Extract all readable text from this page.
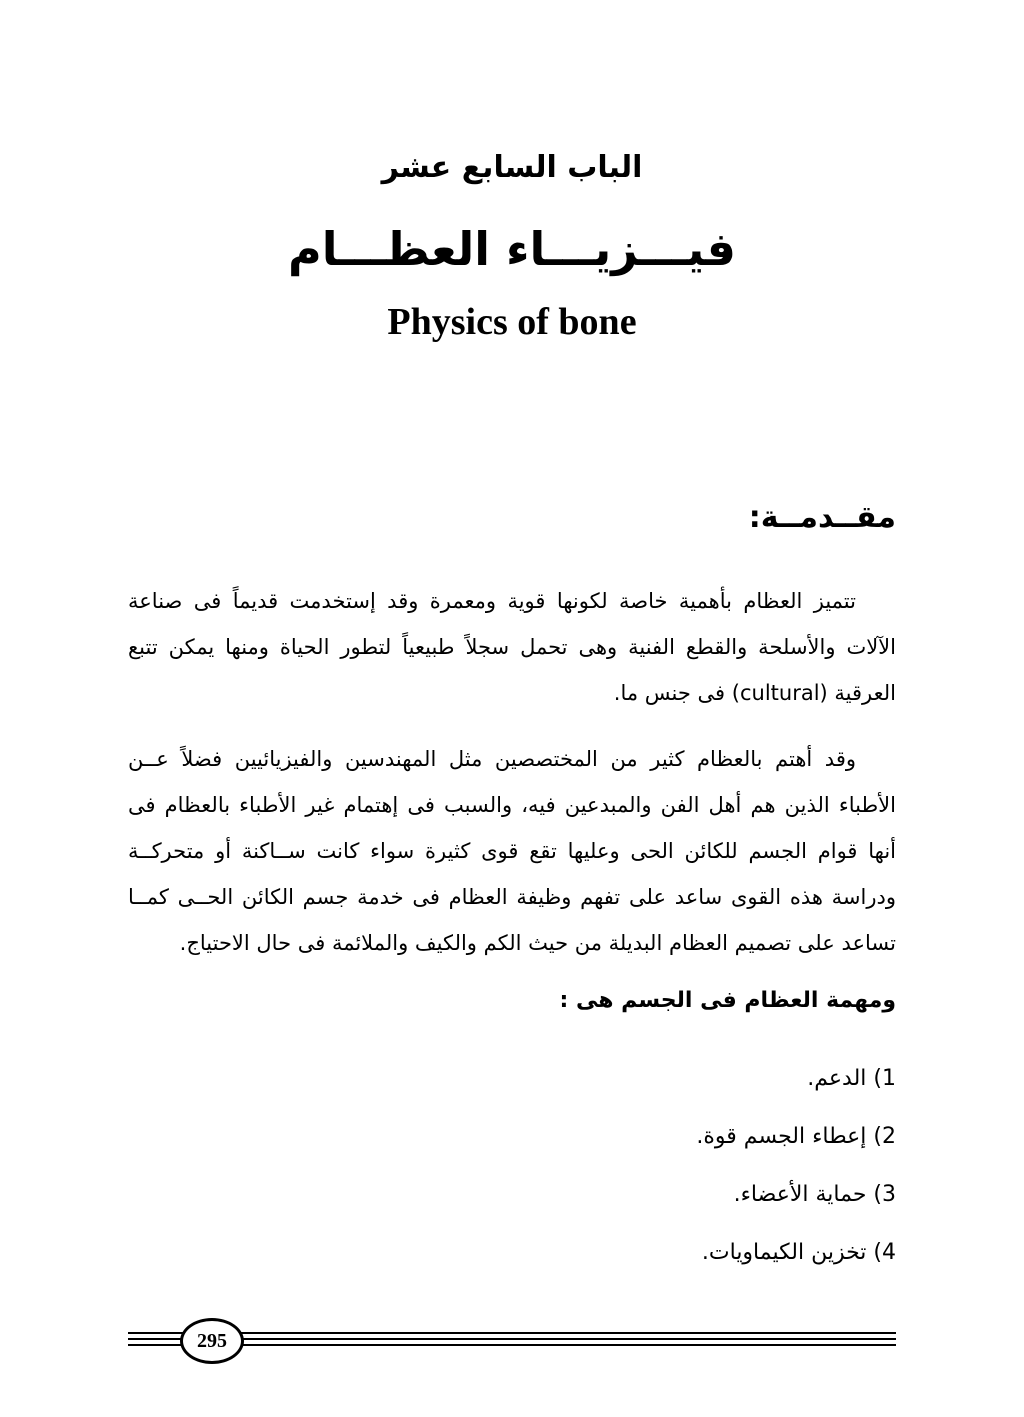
الباب السابع عشر
فيـــزيـــاء العظـــام
Physics of bone
مقــدمــة:

تتميز العظام بأهمية خاصة لكونها قوية ومعمرة وقد إستخدمت قديماً فى صناعة الآلات والأسلحة والقطع الفنية وهى تحمل سجلاً طبيعياً لتطور الحياة ومنها يمكن تتبع العرقية (cultural) فى جنس ما.

وقد أهتم بالعظام كثير من المختصصين مثل المهندسين والفيزيائيين فضلاً عــن الأطباء الذين هم أهل الفن والمبدعين فيه، والسبب فى إهتمام غير الأطباء بالعظام فى أنها قوام الجسم للكائن الحى وعليها تقع قوى كثيرة سواء كانت ســاكنة أو متحركــة ودراسة هذه القوى ساعد على تفهم وظيفة العظام فى خدمة جسم الكائن الحــى كمــا تساعد على تصميم العظام البديلة من حيث الكم والكيف والملائمة فى حال الاحتياج.

ومهمة العظام فى الجسم هى :
1) الدعم.
2) إعطاء الجسم قوة.
3) حماية الأعضاء.
4) تخزين الكيماويات.
295
